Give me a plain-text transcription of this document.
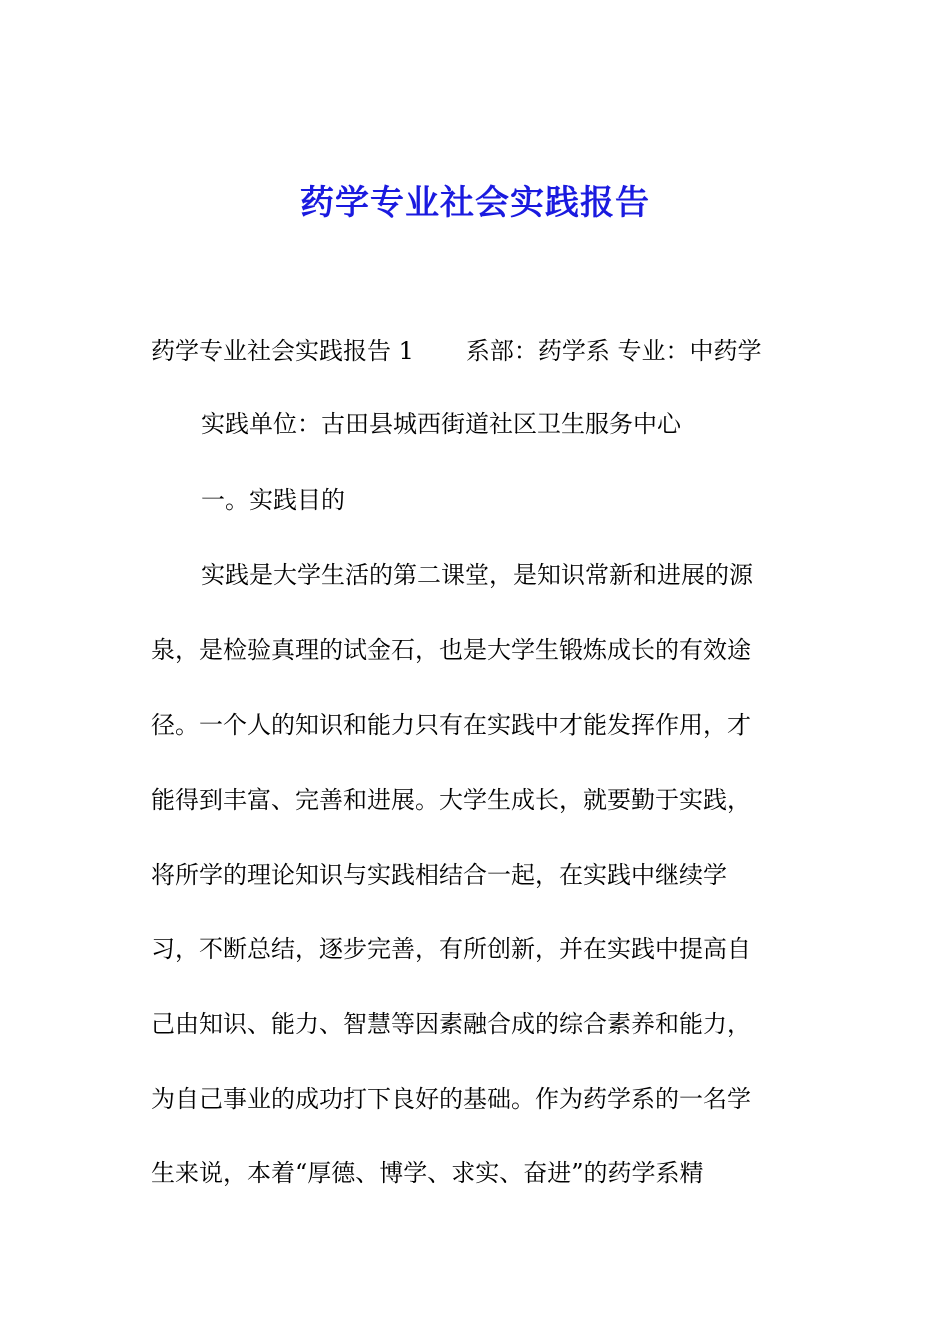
药学专业社会实践报告

药学专业社会实践报告 1 系部：药学系 专业：中药学

实践单位：古田县城西街道社区卫生服务中心

一。实践目的

实践是大学生活的第二课堂，是知识常新和进展的源

泉，是检验真理的试金石，也是大学生锻炼成长的有效途

径。一个人的知识和能力只有在实践中才能发挥作用，才

能得到丰富、完善和进展。大学生成长，就要勤于实践，

将所学的理论知识与实践相结合一起，在实践中继续学

习，不断总结，逐步完善，有所创新，并在实践中提高自

己由知识、能力、智慧等因素融合成的综合素养和能力，

为自己事业的成功打下良好的基础。作为药学系的一名学

生来说，本着“厚德、博学、求实、奋进”的药学系精
